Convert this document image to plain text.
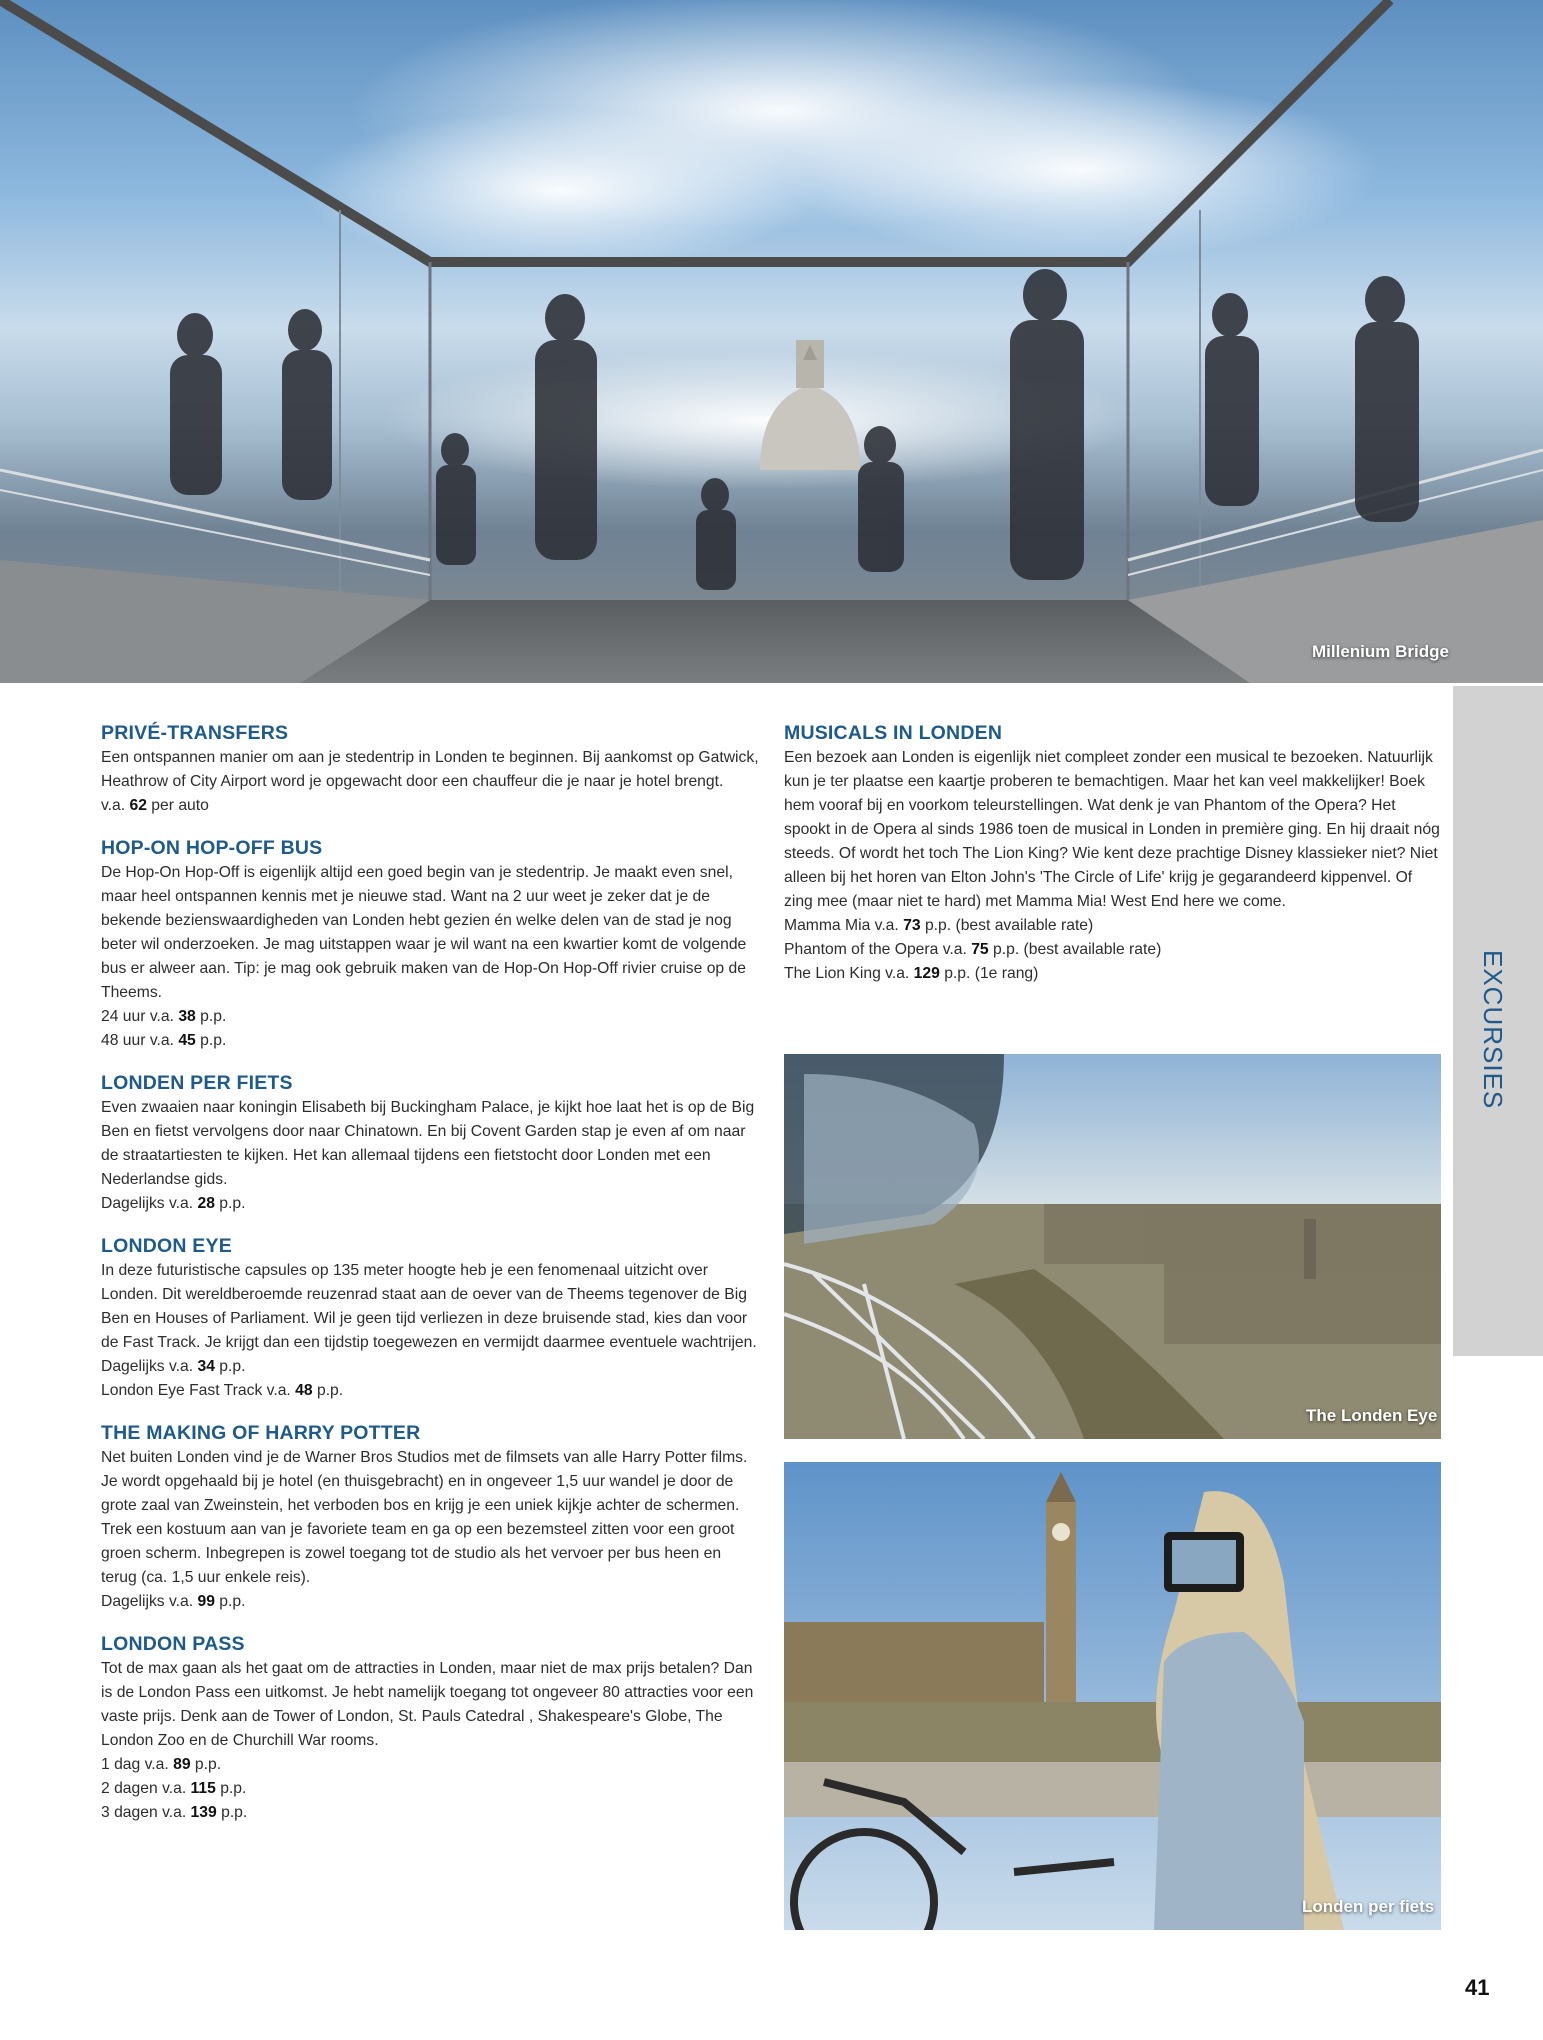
Millenium Bridge
PRIVÉ-TRANSFERS

Een ontspannen manier om aan je stedentrip in Londen te beginnen. Bij aankomst op Gatwick, Heathrow of City Airport word je opgewacht door een chauffeur die je naar je hotel brengt.

v.a. 62 per auto

HOP-ON HOP-OFF BUS

De Hop-On Hop-Off is eigenlijk altijd een goed begin van je stedentrip. Je maakt even snel, maar heel ontspannen kennis met je nieuwe stad. Want na 2 uur weet je zeker dat je de bekende bezienswaardigheden van Londen hebt gezien én welke delen van de stad je nog beter wil onderzoeken. Je mag uitstappen waar je wil want na een kwartier komt de volgende bus er alweer aan. Tip: je mag ook gebruik maken van de Hop-On Hop-Off rivier cruise op de Theems.

24 uur v.a. 38 p.p.

48 uur v.a. 45 p.p.

LONDEN PER FIETS

Even zwaaien naar koningin Elisabeth bij Buckingham Palace, je kijkt hoe laat het is op de Big Ben en fietst vervolgens door naar Chinatown. En bij Covent Garden stap je even af om naar de straatartiesten te kijken. Het kan allemaal tijdens een fietstocht door Londen met een Nederlandse gids.

Dagelijks v.a. 28 p.p.

LONDON EYE

In deze futuristische capsules op 135 meter hoogte heb je een fenomenaal uitzicht over Londen. Dit wereldberoemde reuzenrad staat aan de oever van de Theems tegenover de Big Ben en Houses of Parliament. Wil je geen tijd verliezen in deze bruisende stad, kies dan voor de Fast Track. Je krijgt dan een tijdstip toegewezen en vermijdt daarmee eventuele wachtrijen.

Dagelijks v.a. 34 p.p.

London Eye Fast Track v.a. 48 p.p.

THE MAKING OF HARRY POTTER

Net buiten Londen vind je de Warner Bros Studios met de filmsets van alle Harry Potter films. Je wordt opgehaald bij je hotel (en thuisgebracht) en in ongeveer 1,5 uur wandel je door de grote zaal van Zweinstein, het verboden bos en krijg je een uniek kijkje achter de schermen. Trek een kostuum aan van je favoriete team en ga op een bezemsteel zitten voor een groot groen scherm. Inbegrepen is zowel toegang tot de studio als het vervoer per bus heen en terug (ca. 1,5 uur enkele reis).

Dagelijks v.a. 99 p.p.

LONDON PASS

Tot de max gaan als het gaat om de attracties in Londen, maar niet de max prijs betalen? Dan is de London Pass een uitkomst. Je hebt namelijk toegang tot ongeveer 80 attracties voor een vaste prijs. Denk aan de Tower of London, St. Pauls Catedral , Shakespeare's Globe, The London Zoo en de Churchill War rooms.

1 dag v.a. 89 p.p.

2 dagen v.a. 115 p.p.

3 dagen v.a. 139 p.p.

MUSICALS IN LONDEN

Een bezoek aan Londen is eigenlijk niet compleet zonder een musical te bezoeken. Natuurlijk kun je ter plaatse een kaartje proberen te bemachtigen. Maar het kan veel makkelijker! Boek hem vooraf bij en voorkom teleurstellingen. Wat denk je van Phantom of the Opera? Het spookt in de Opera al sinds 1986 toen de musical in Londen in première ging. En hij draait nóg steeds. Of wordt het toch The Lion King? Wie kent deze prachtige Disney klassieker niet? Niet alleen bij het horen van Elton John's 'The Circle of Life' krijg je gegarandeerd kippenvel. Of zing mee (maar niet te hard) met Mamma Mia! West End here we come.

Mamma Mia v.a. 73 p.p. (best available rate)

Phantom of the Opera v.a. 75 p.p. (best available rate)

The Lion King v.a. 129 p.p. (1e rang)

The Londen Eye
Londen per fiets
EXCURSIES
41
